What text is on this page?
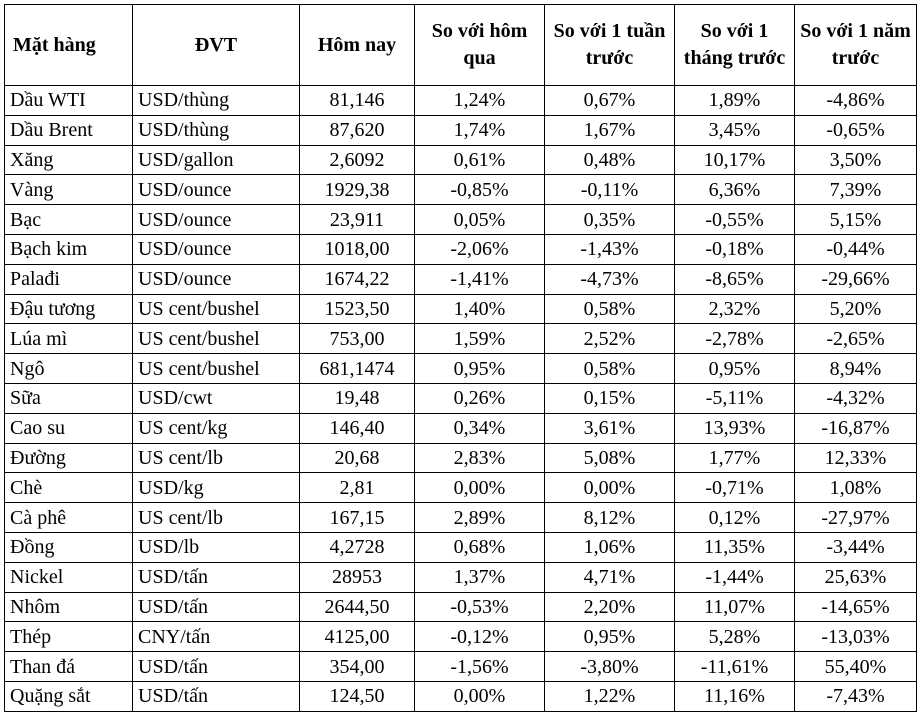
Mặt hàng	ĐVT	Hôm nay	So với hôm qua	So với 1 tuần trước	So với 1 tháng trước	So với 1 năm trước
Dầu WTI	USD/thùng	81,146	1,24%	0,67%	1,89%	-4,86%
Dầu Brent	USD/thùng	87,620	1,74%	1,67%	3,45%	-0,65%
Xăng	USD/gallon	2,6092	0,61%	0,48%	10,17%	3,50%
Vàng	USD/ounce	1929,38	-0,85%	-0,11%	6,36%	7,39%
Bạc	USD/ounce	23,911	0,05%	0,35%	-0,55%	5,15%
Bạch kim	USD/ounce	1018,00	-2,06%	-1,43%	-0,18%	-0,44%
Palađi	USD/ounce	1674,22	-1,41%	-4,73%	-8,65%	-29,66%
Đậu tương	US cent/bushel	1523,50	1,40%	0,58%	2,32%	5,20%
Lúa mì	US cent/bushel	753,00	1,59%	2,52%	-2,78%	-2,65%
Ngô	US cent/bushel	681,1474	0,95%	0,58%	0,95%	8,94%
Sữa	USD/cwt	19,48	0,26%	0,15%	-5,11%	-4,32%
Cao su	US cent/kg	146,40	0,34%	3,61%	13,93%	-16,87%
Đường	US cent/lb	20,68	2,83%	5,08%	1,77%	12,33%
Chè	USD/kg	2,81	0,00%	0,00%	-0,71%	1,08%
Cà phê	US cent/lb	167,15	2,89%	8,12%	0,12%	-27,97%
Đồng	USD/lb	4,2728	0,68%	1,06%	11,35%	-3,44%
Nickel	USD/tấn	28953	1,37%	4,71%	-1,44%	25,63%
Nhôm	USD/tấn	2644,50	-0,53%	2,20%	11,07%	-14,65%
Thép	CNY/tấn	4125,00	-0,12%	0,95%	5,28%	-13,03%
Than đá	USD/tấn	354,00	-1,56%	-3,80%	-11,61%	55,40%
Quặng sắt	USD/tấn	124,50	0,00%	1,22%	11,16%	-7,43%
